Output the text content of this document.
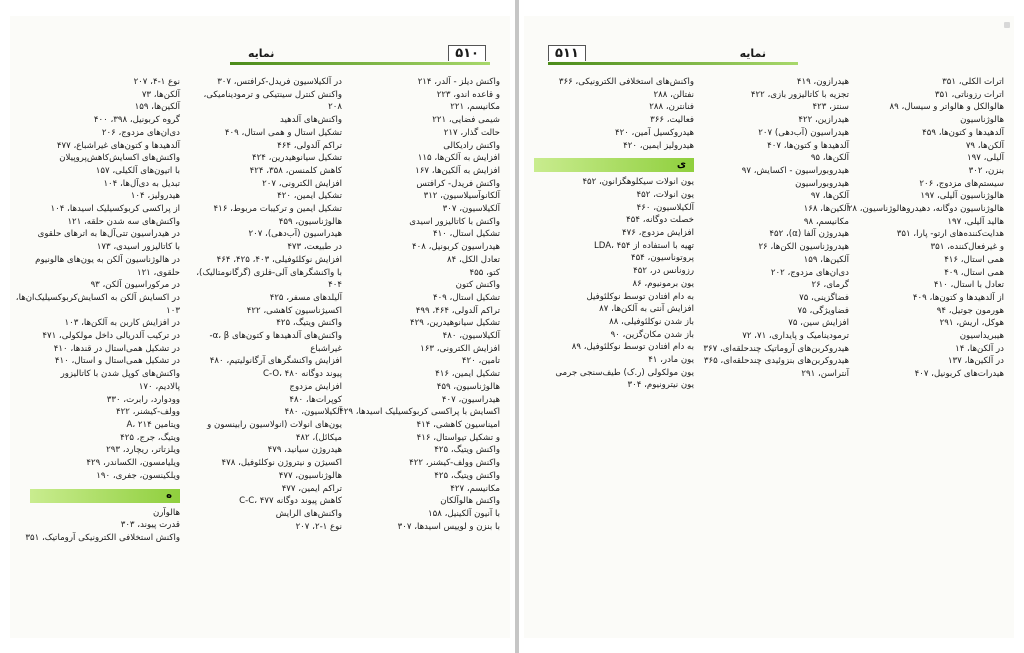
نمایه	۵۱۰
نوع ۱-۴، ۲۰۷
آلکن‌ها، ۷۳
آلکین‌ها، ۱۵۹
گروه کربونیل، ۳۹۸، ۴۰۰
دی‌ان‌های مزدوج، ۲۰۶
آلدهیدها و کتون‌های غیراشباع، ۴۷۷
واکنش‌های اکسایش‌کاهش‌پروپیلان
با اتیون‌های آلکیلی، ۱۵۷
تبدیل به دی‌آل‌ها، ۱۰۴
هیدرولیز، ۱۰۴
از پراکسی کربوکسیلیک اسیدها، ۱۰۴
واکنش‌های سه شدن حلقه، ۱۲۱
در هیدراسیون تتی‌آل‌ها به اترهای حلقوی
با کاتالیزور اسیدی، ۱۷۳
در هالوژناسیون آلکن به یون‌های هالونیوم
حلقوی، ۱۲۱
در مرکوراسیون آلکن، ۹۳
در اکسایش آلکن به اکسایش‌کربوکسیلیک‌ان‌ها،
۱۰۳
در افزایش کاربن به آلکن‌ها، ۱۰۳
در ترکیب آلدریالی داخل مولکولی، ۴۷۱
در تشکیل همی‌استال در قندها، ۴۱۰
در تشکیل همی‌استال و استال، ۴۱۰
واکنش‌های کوپل شدن با کاتالیزور
پالادیم، ۱۷۰
وودوارد، رابرت، ۳۳۰
وولف-کیشنر، ۴۲۲
ویتامین A، ۲۱۴
ویتیگ، جرج، ۴۲۵
ویلزتاتر، ریچارد، ۲۹۳
ویلیامسون، الکساندر، ۴۲۹
ویلکینسون، جفری، ۱۹۰
ه
هالوآرن
قدرت پیوند، ۳۰۳
واکنش استخلافی الکترونیکی آروماتیک، ۳۵۱
در آلکیلاسیون فریدل-کرافتس، ۳۰۷
واکنش کنترل سینتیکی و ترمودینامیکی،
۲۰۸
واکنش‌های آلدهید
تشکیل استال و همی استال، ۴۰۹
تراکم آلدولی، ۴۶۴
تشکیل سیانوهیدرین، ۴۲۴
کاهش کلمنسن، ۳۵۸، ۴۲۴
افزایش الکترونی، ۲۰۷
تشکیل ایمین، ۴۲۰
تشکیل ایمین و ترکیبات مربوط، ۴۱۶
هالوژناسیون، ۴۵۹
هیدراسیون (آب‌دهی)، ۲۰۷
در طبیعت، ۴۷۳
افزایش نوکلئوفیلی، ۴۰۳، ۴۲۵، ۴۶۴
با واکنشگرهای آلی-فلزی (گرگانومتالیک)،
۴۰۴
آلیلدهای مسفر، ۴۲۵
اکسیژناسیون کاهشی، ۴۲۲
واکنش ویتیگ، ۴۲۵
واکنش‌های آلدهیدها و کتون‌های α، β-
غیراشباع
افزایش واکنشگرهای آرگانولیتیم، ۴۸۰
پیوند دوگانه C-O، ۴۸۰
افزایش مزدوج
کوپرات‌ها، ۴۸۰
آلکیلاسیون، ۴۸۰
یون‌های انولات (انولاسیون رابینسون و
میکائل)، ۴۸۲
هیدروژن سیانید، ۴۷۹
اکسیژن و نیتروژن نوکلئوفیل، ۴۷۸
هالوژناسیون، ۴۷۷
تراکم ایمین، ۴۷۷
کاهش پیوند دوگانه C-C، ۴۷۷
واکنش‌های الرایش
نوع ۱-۲، ۲۰۷
واکنش دیلز - آلدر، ۲۱۴
و قاعده اندو، ۲۲۳
مکانیسم، ۲۲۱
شیمی فضایی، ۲۲۱
حالت گذار، ۲۱۷
واکنش رادیکالی
افزایش به آلکن‌ها، ۱۱۵
افزایش به آلکین‌ها، ۱۶۷
واکنش فریدل- کرافتس
آلکانوآسیلاسیون، ۳۱۲
آلکیلاسیون، ۳۰۷
واکنش با کاتالیزور اسیدی
تشکیل استال، ۴۱۰
هیدراسیون کربونیل، ۴۰۸
تعادل الکل، ۸۴
کتو، ۴۵۵
واکنش کتون
تشکیل استال، ۴۰۹
تراکم آلدولی، ۴۶۴، ۴۹۹
تشکیل سیانوهیدرین، ۴۲۹
آلکیلاسیون، ۴۸۰
افزایش الکترونی، ۱۶۳
تامین، ۴۲۰
تشکیل ایمین، ۴۱۶
هالوژناسیون، ۴۵۹
هیدراسیون، ۴۰۷
اکسایش با پراکسی کربوکسیلیک اسیدها، ۴۲۹
امیناسیون کاهشی، ۴۱۴
و تشکیل تیواستال، ۴۱۶
واکنش ویتیگ، ۴۲۵
واکنش وولف-کیشنر، ۴۲۲
واکنش ویتیگ، ۴۲۵
مکانیسم، ۴۲۷
واکنش هالوآلکان
با آنیون آلکینیل، ۱۵۸
با بنزن و لوییس اسیدها، ۳۰۷
۵۱۱	نمایه
اترات الکلی، ۳۵۱
اترات رزوناتی، ۳۵۱
هالوالکل و هالواتر و سیسال، ۸۹
هالوژناسیون
آلدهیدها و کتون‌ها، ۴۵۹
آلکن‌ها، ۷۹
آلیلی، ۱۹۷
بنزن، ۳۰۲
سیستم‌های مزدوج، ۲۰۶
هالوژناسیون آلیلی، ۱۹۷
هالوژناسیون دوگانه، دهیدروهالوژناسیون، ۲۸
هالید آلیلی، ۱۹۷
هدایت‌کننده‌های ارتو- پارا، ۳۵۱
و غیرفعال‌کننده، ۳۵۱
همی استال، ۴۱۶
همی استال، ۴۰۹
تعادل با استال، ۴۱۰
از آلدهیدها و کتون‌ها، ۴۰۹
هورمون جوتیل، ۹۴
هوکل، اریش، ۲۹۱
هیبریداسیون
در آلکن‌ها، ۱۴
در آلکین‌ها، ۱۳۷
هیدرات‌های کربونیل، ۴۰۷
هیدرازون، ۴۱۹
تجزیه با کاتالیزور بازی، ۴۲۲
سنتز، ۴۲۳
هیدرازین، ۴۲۲
هیدراسیون (آب‌دهی) ۲۰۷
آلدهیدها و کتون‌ها، ۴۰۷
آلکن‌ها، ۹۵
هیدروبوراسیون - اکسایش، ۹۷
هیدروبوراسیون
آلکن‌ها، ۹۷
آلکین‌ها، ۱۶۸
مکانیسم، ۹۸
هیدروژن آلفا (α)، ۴۵۲
هیدروژناسیون الکن‌ها، ۲۶
آلکین‌ها، ۱۵۹
دی‌ان‌های مزدوج، ۲۰۲
گرمای، ۲۶
فضاگزینی، ۷۵
فضاویژگی، ۷۵
افزایش سین، ۷۵
ترمودینامیک و پایداری، ۷۱، ۷۲
هیدروکربن‌های آروماتیک چندحلقه‌ای، ۳۶۷
هیدروکربن‌های بنزوئیدی چندحلقه‌ای، ۳۶۵
آنتراسن، ۲۹۱
واکنش‌های استخلافی الکترونیکی، ۳۶۶
نفتالن، ۲۸۸
فنانترن، ۲۸۸
فعالیت، ۳۶۶
هیدروکسیل آمین، ۴۲۰
هیدرولیز ایمین، ۴۲۰
ی
یون انولات سیکلوهگزانون، ۴۵۲
یون انولات، ۴۵۲
آلکیلاسیون، ۴۶۰
خصلت دوگانه، ۴۵۴
افزایش مزدوج، ۴۷۶
تهیه با استفاده از LDA، ۴۵۴
پروتوناسیون، ۴۵۴
رزونانس در، ۴۵۲
یون برمونیوم، ۸۶
به دام افتادن توسط نوکلئوفیل
افزایش آنتی به آلکن‌ها، ۸۷
باز شدن نوکلئوفیلی، ۸۸
باز شدن مکان‌گزین، ۹۰
به دام افتادن توسط نوکلئوفیل، ۸۹
یون مادر، ۴۱
یون مولکولی (ر.ک) طیف‌سنجی جرمی
یون نیترونیوم، ۳۰۴
